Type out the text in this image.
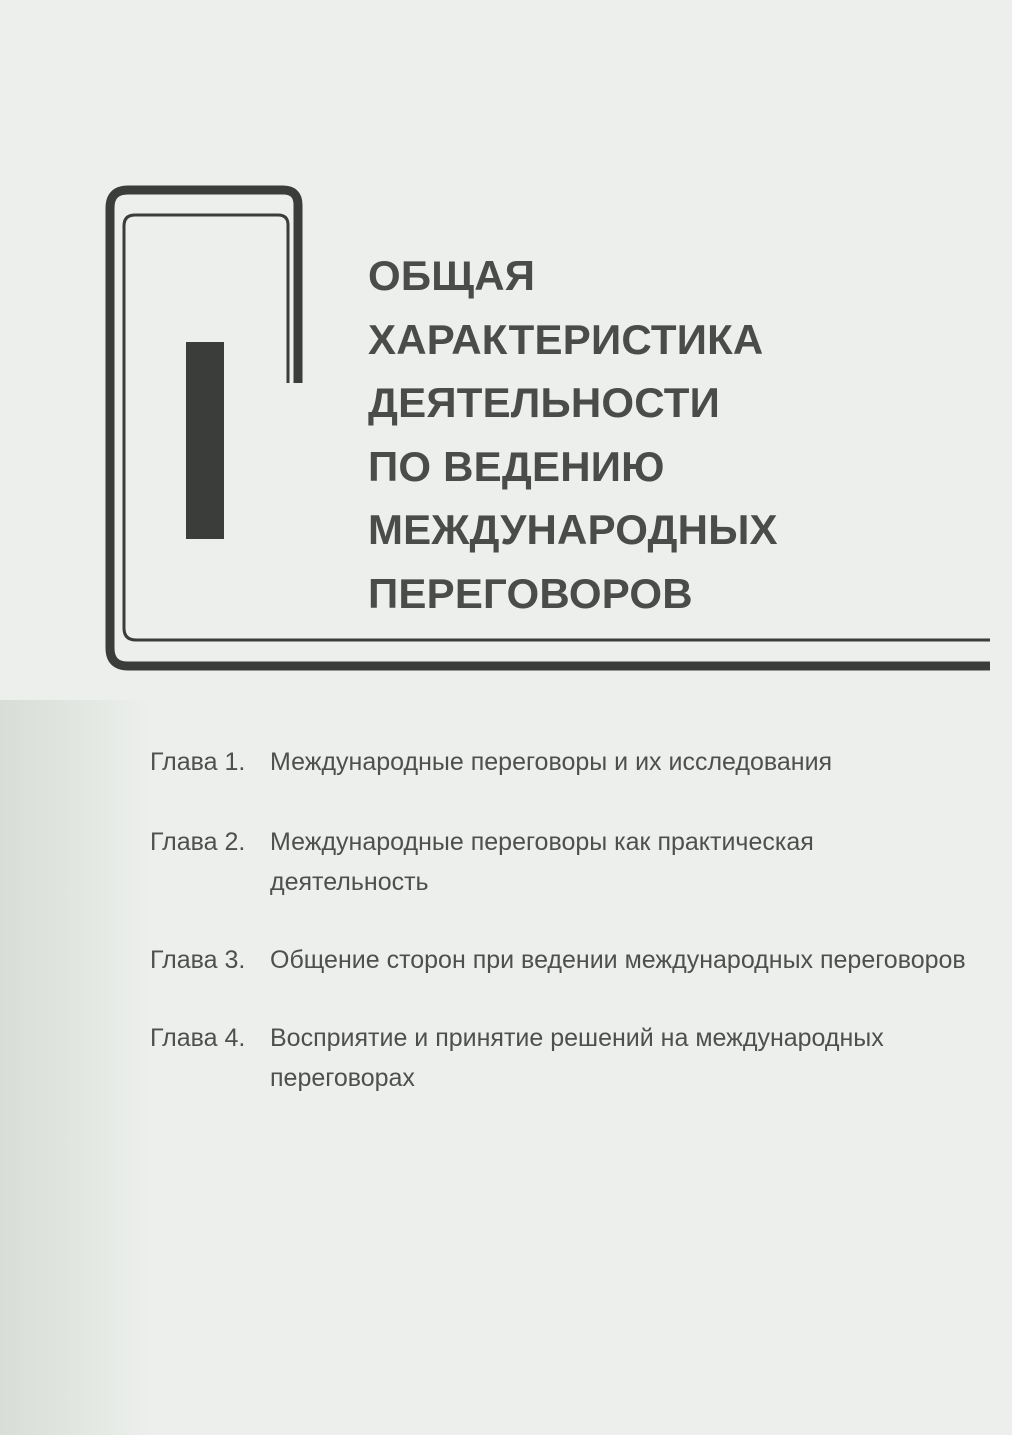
ОБЩАЯ
ХАРАКТЕРИСТИКА
ДЕЯТЕЛЬНОСТИ
ПО ВЕДЕНИЮ
МЕЖДУНАРОДНЫХ
ПЕРЕГОВОРОВ
Глава 1. Международные переговоры и их исследования
Глава 2. Международные переговоры как практическая деятельность
Глава 3. Общение сторон при ведении международных переговоров
Глава 4. Восприятие и принятие решений на международных переговорах
